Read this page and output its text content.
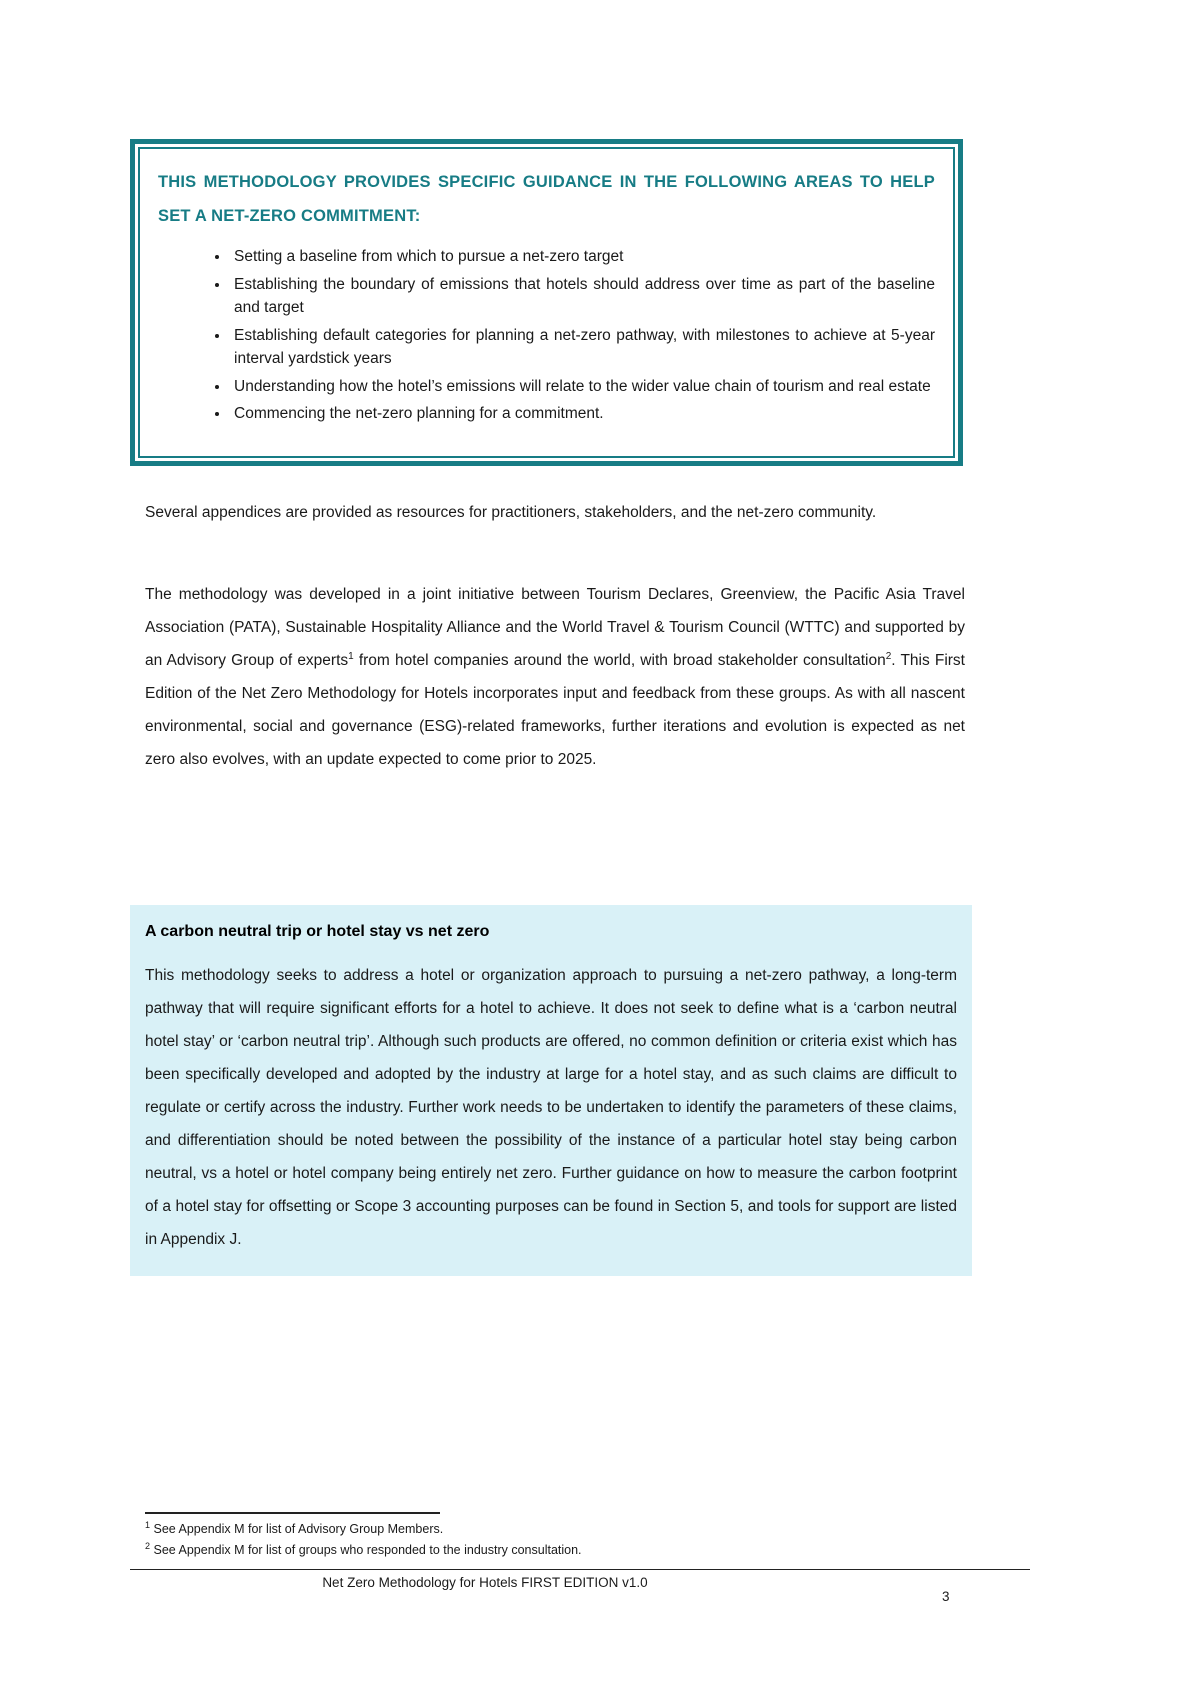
THIS METHODOLOGY PROVIDES SPECIFIC GUIDANCE IN THE FOLLOWING AREAS TO HELP SET A NET-ZERO COMMITMENT:
• Setting a baseline from which to pursue a net-zero target
• Establishing the boundary of emissions that hotels should address over time as part of the baseline and target
• Establishing default categories for planning a net-zero pathway, with milestones to achieve at 5-year interval yardstick years
• Understanding how the hotel’s emissions will relate to the wider value chain of tourism and real estate
• Commencing the net-zero planning for a commitment.

Several appendices are provided as resources for practitioners, stakeholders, and the net-zero community.

The methodology was developed in a joint initiative between Tourism Declares, Greenview, the Pacific Asia Travel Association (PATA), Sustainable Hospitality Alliance and the World Travel & Tourism Council (WTTC) and supported by an Advisory Group of experts$^1$ from hotel companies around the world, with broad stakeholder consultation$^2$. This First Edition of the Net Zero Methodology for Hotels incorporates input and feedback from these groups. As with all nascent environmental, social and governance (ESG)-related frameworks, further iterations and evolution is expected as net zero also evolves, with an update expected to come prior to 2025.

A carbon neutral trip or hotel stay vs net zero
This methodology seeks to address a hotel or organization approach to pursuing a net-zero pathway, a long-term pathway that will require significant efforts for a hotel to achieve. It does not seek to define what is a ‘carbon neutral hotel stay’ or ‘carbon neutral trip’. Although such products are offered, no common definition or criteria exist which has been specifically developed and adopted by the industry at large for a hotel stay, and as such claims are difficult to regulate or certify across the industry. Further work needs to be undertaken to identify the parameters of these claims, and differentiation should be noted between the possibility of the instance of a particular hotel stay being carbon neutral, vs a hotel or hotel company being entirely net zero. Further guidance on how to measure the carbon footprint of a hotel stay for offsetting or Scope 3 accounting purposes can be found in Section 5, and tools for support are listed in Appendix J.
$^1$ See Appendix M for list of Advisory Group Members.
$^2$ See Appendix M for list of groups who responded to the industry consultation.
Net Zero Methodology for Hotels FIRST EDITION v1.0
3
